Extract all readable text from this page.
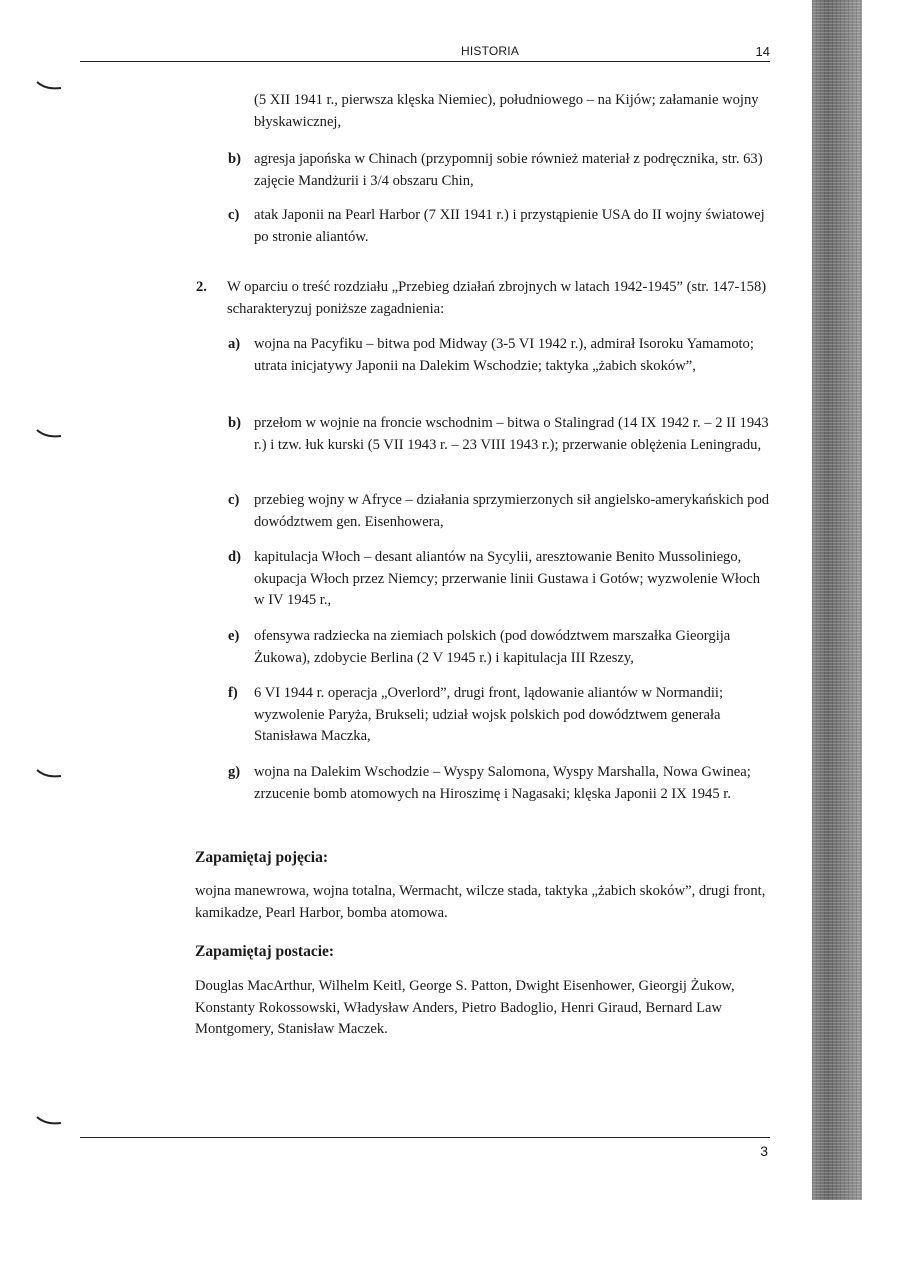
HISTORIA	14

(5 XII 1941 r., pierwsza klęska Niemiec), południowego – na Kijów; załamanie wojny błyskawicznej,

b) agresja japońska w Chinach (przypomnij sobie również materiał z podręcznika, str. 63) zajęcie Mandżurii i 3/4 obszaru Chin,

c) atak Japonii na Pearl Harbor (7 XII 1941 r.) i przystąpienie USA do II wojny światowej po stronie aliantów.

2. W oparciu o treść rozdziału „Przebieg działań zbrojnych w latach 1942-1945” (str. 147-158) scharakteryzuj poniższe zagadnienia:

a) wojna na Pacyfiku – bitwa pod Midway (3-5 VI 1942 r.), admirał Isoroku Yamamoto; utrata inicjatywy Japonii na Dalekim Wschodzie; taktyka „żabich skoków”,

b) przełom w wojnie na froncie wschodnim – bitwa o Stalingrad (14 IX 1942 r. – 2 II 1943 r.) i tzw. łuk kurski (5 VII 1943 r. – 23 VIII 1943 r.); przerwanie oblężenia Leningradu,

c) przebieg wojny w Afryce – działania sprzymierzonych sił angielsko-amerykańskich pod dowództwem gen. Eisenhowera,

d) kapitulacja Włoch – desant aliantów na Sycylii, aresztowanie Benito Mussoliniego, okupacja Włoch przez Niemcy; przerwanie linii Gustawa i Gotów; wyzwolenie Włoch w IV 1945 r.,

e) ofensywa radziecka na ziemiach polskich (pod dowództwem marszałka Gieorgija Żukowa), zdobycie Berlina (2 V 1945 r.) i kapitulacja III Rzeszy,

f) 6 VI 1944 r. operacja „Overlord”, drugi front, lądowanie aliantów w Normandii; wyzwolenie Paryża, Brukseli; udział wojsk polskich pod dowództwem generała Stanisława Maczka,

g) wojna na Dalekim Wschodzie – Wyspy Salomona, Wyspy Marshalla, Nowa Gwinea; zrzucenie bomb atomowych na Hiroszimę i Nagasaki; klęska Japonii 2 IX 1945 r.

Zapamiętaj pojęcia:

wojna manewrowa, wojna totalna, Wermacht, wilcze stada, taktyka „żabich skoków”, drugi front, kamikadze, Pearl Harbor, bomba atomowa.

Zapamiętaj postacie:

Douglas MacArthur, Wilhelm Keitl, George S. Patton, Dwight Eisenhower, Gieorgij Żukow, Konstanty Rokossowski, Władysław Anders, Pietro Badoglio, Henri Giraud, Bernard Law Montgomery, Stanisław Maczek.

3
